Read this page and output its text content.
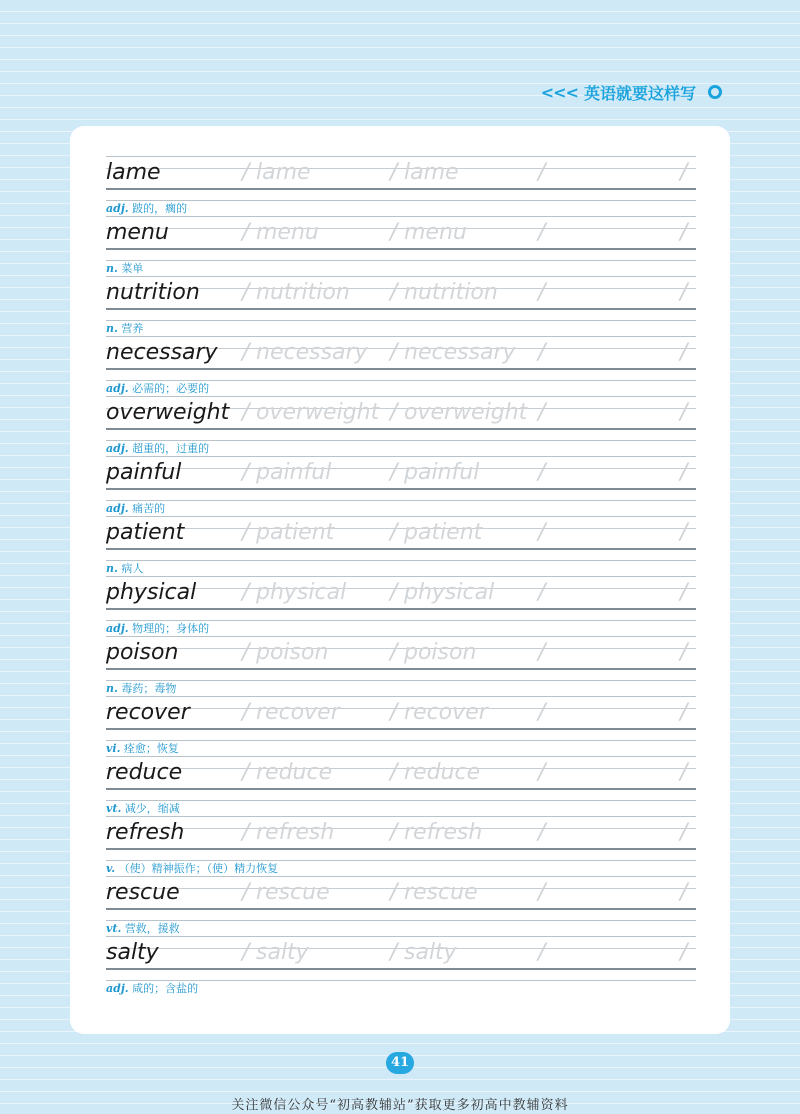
<<< 英语就要这样写

lame	/ lame	/ lame	/	/

adj. 跛的，瘸的

menu	/ menu	/ menu	/	/

n. 菜单

nutrition / nutrition / nutrition /	/

n. 营养

necessary / necessary / necessary /	/

adj. 必需的；必要的

overweight / overweight / overweight /	/

adj. 超重的，过重的

painful	/ painful	/ painful	/	/

adj. 痛苦的

patient	/ patient	/ patient	/	/

n. 病人

physical / physical / physical /	/

adj. 物理的；身体的

poison	/ poison	/ poison	/	/

n. 毒药；毒物

recover / recover / recover /	/

vi. 痊愈；恢复

reduce	/ reduce	/ reduce	/	/

vt. 减少，缩减

refresh	/ refresh	/ refresh	/	/

v. （使）精神振作；（使）精力恢复

rescue	/ rescue	/ rescue	/	/

vt. 营救，援救

salty	/ salty	/ salty	/	/

adj. 咸的；含盐的

41
关注微信公众号“初高教辅站”获取更多初高中教辅资料
